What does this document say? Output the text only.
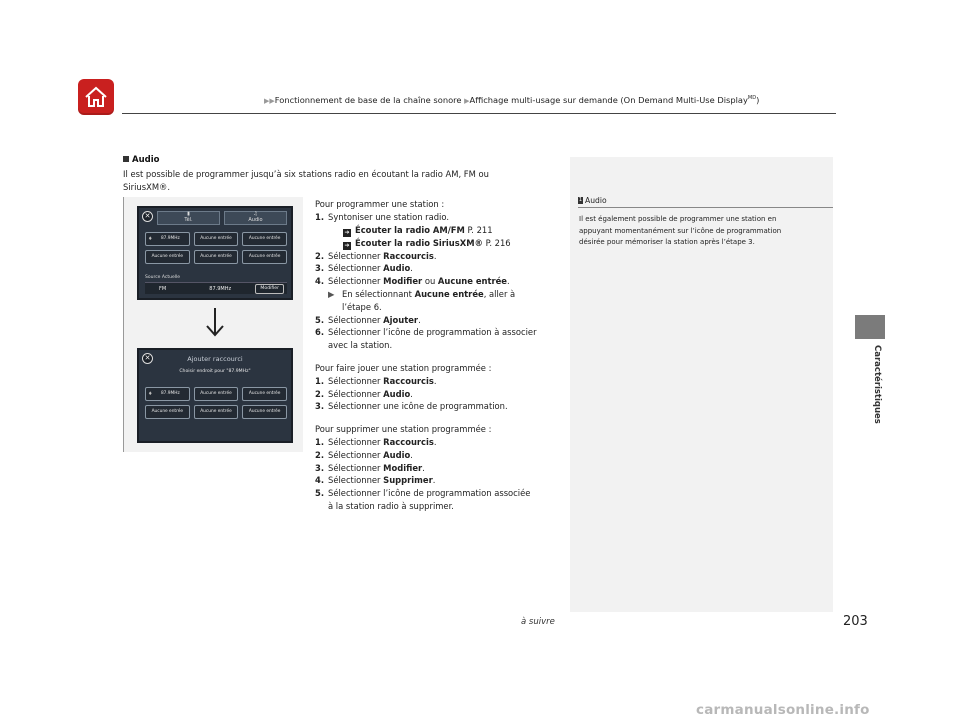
▶▶Fonctionnement de base de la chaîne sonore ▶Affichage multi-usage sur demande (On Demand Multi-Use Display$^{MD}$)
Caractéristiques
Audio
Il est possible de programmer jusqu’à six stations radio en écoutant la radio AM, FM ou
SiriusXM®.
✕	▮
Tél.
♫
Audio
♦ 87.9MHz	Aucune entrée	Aucune entrée
Aucune entrée	Aucune entrée	Aucune entrée
Source Actuelle
FM	87.9MHz	Modifier
✕	Ajouter raccourci
Choisir endroit pour "87.9MHz"
♦ 87.9MHz	Aucune entrée	Aucune entrée
Aucune entrée	Aucune entrée	Aucune entrée
Pour programmer une station :
1. Syntoniser une station radio.
➔ Écouter la radio AM/FM P. 211
➔ Écouter la radio SiriusXM® P. 216
2. Sélectionner Raccourcis.
3. Sélectionner Audio.
4. Sélectionner Modifier ou Aucune entrée.
▶ En sélectionnant Aucune entrée, aller à
l’étape 6.
5. Sélectionner Ajouter.
6. Sélectionner l’icône de programmation à associer
avec la station.
Pour faire jouer une station programmée :
1. Sélectionner Raccourcis.
2. Sélectionner Audio.
3. Sélectionner une icône de programmation.
Pour supprimer une station programmée :
1. Sélectionner Raccourcis.
2. Sélectionner Audio.
3. Sélectionner Modifier.
4. Sélectionner Supprimer.
5. Sélectionner l’icône de programmation associée
à la station radio à supprimer.
1 Audio
Il est également possible de programmer une station en
appuyant momentanément sur l’icône de programmation
désirée pour mémoriser la station après l’étape 3.
à suivre	203
carmanualsonline.info
